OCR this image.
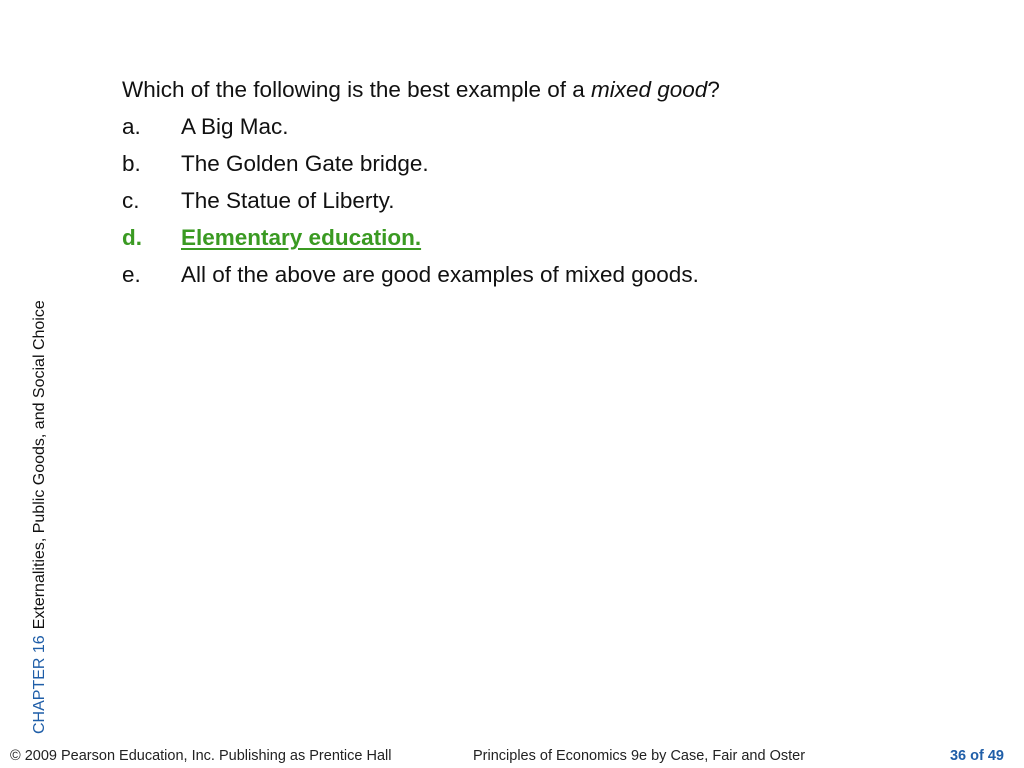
Which of the following is the best example of a mixed good?
a. A Big Mac.
b. The Golden Gate bridge.
c. The Statue of Liberty.
d. Elementary education.
e. All of the above are good examples of mixed goods.
CHAPTER 16Externalities, Public Goods, and Social Choice
© 2009 Pearson Education, Inc. Publishing as Prentice Hall	Principles of Economics 9e by Case, Fair and Oster	36 of 49
